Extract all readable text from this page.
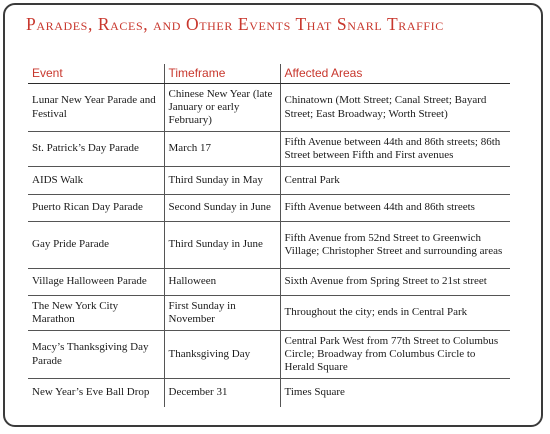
Parades, Races, and Other Events That Snarl Traffic
Event	Timeframe	Affected Areas
Lunar New Year Parade and Festival	Chinese New Year (late January or early February)	Chinatown (Mott Street; Canal Street; Bayard Street; East Broadway; Worth Street)
St. Patrick’s Day Parade	March 17	Fifth Avenue between 44th and 86th streets; 86th Street between Fifth and First avenues
AIDS Walk	Third Sunday in May	Central Park
Puerto Rican Day Parade	Second Sunday in June	Fifth Avenue between 44th and 86th streets
Gay Pride Parade	Third Sunday in June	Fifth Avenue from 52nd Street to Greenwich Village; Christopher Street and surrounding areas
Village Halloween Parade	Halloween	Sixth Avenue from Spring Street to 21st street
The New York City Marathon	First Sunday in November	Throughout the city; ends in Central Park
Macy’s Thanksgiving Day Parade	Thanksgiving Day	Central Park West from 77th Street to Columbus Circle; Broadway from Columbus Circle to Herald Square
New Year’s Eve Ball Drop	December 31	Times Square
